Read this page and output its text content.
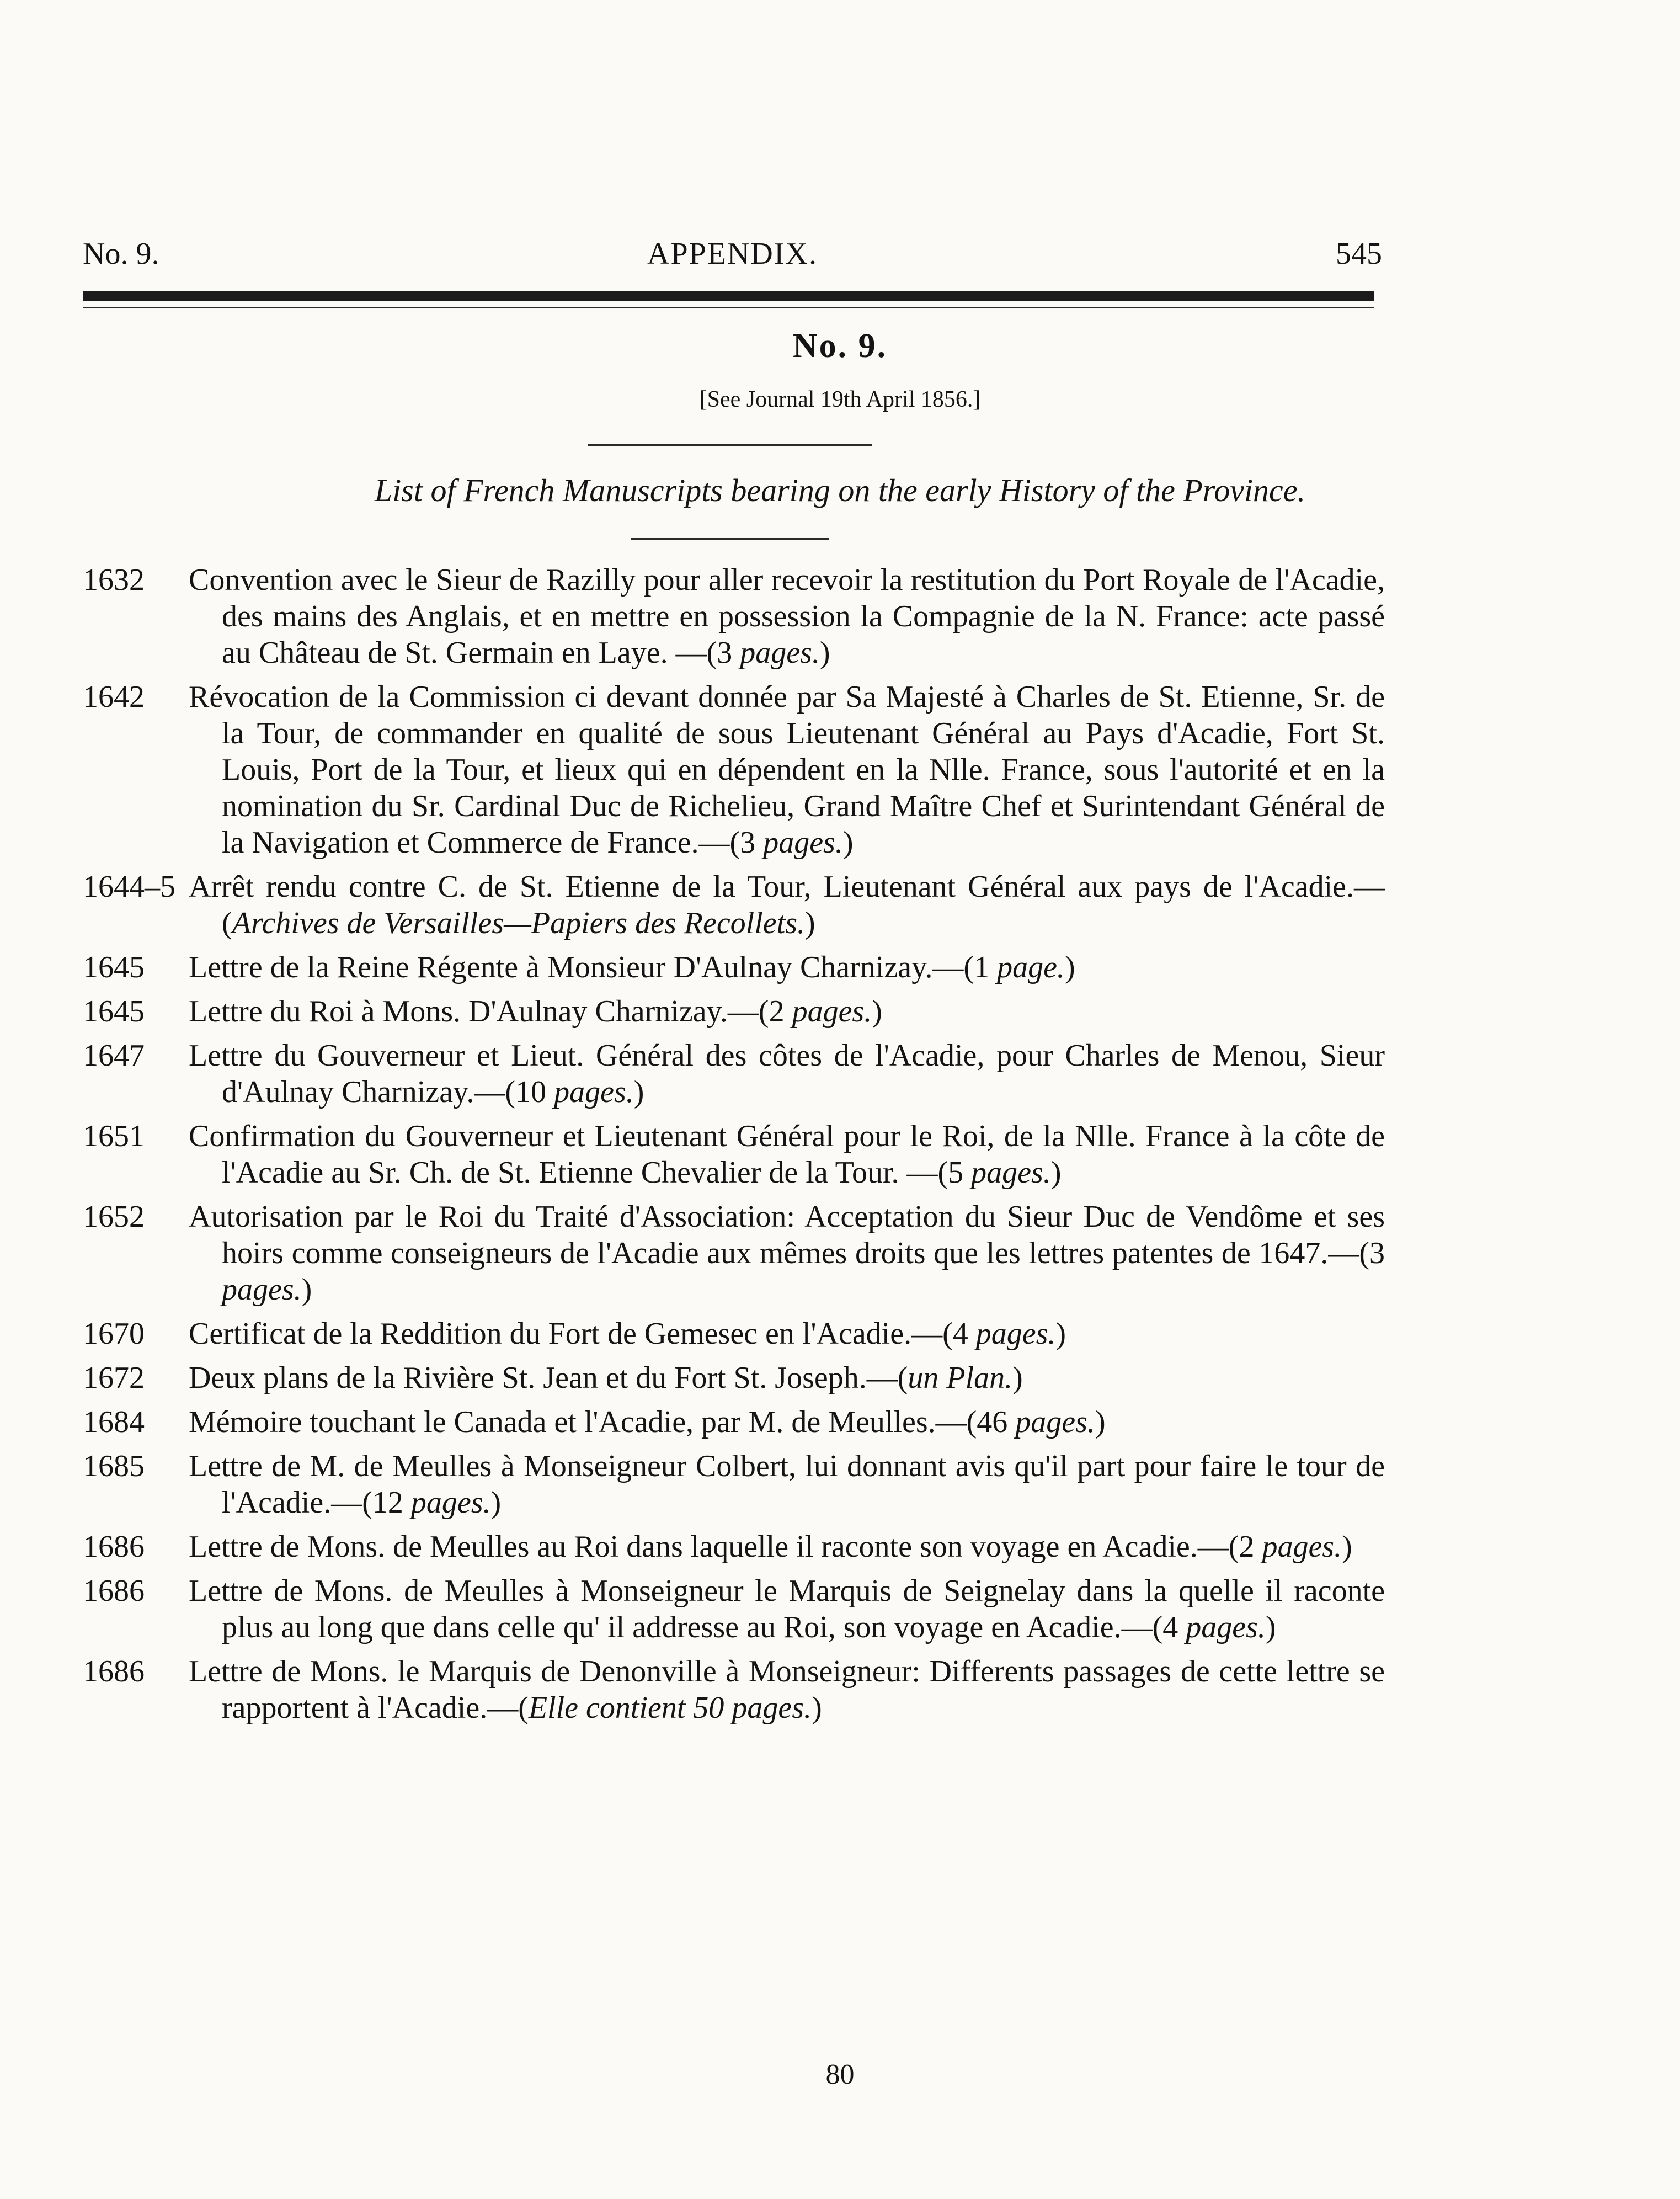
No. 9.	APPENDIX.	545
No. 9.
[See Journal 19th April 1856.]
List of French Manuscripts bearing on the early History of the Province.
1632 Convention avec le Sieur de Razilly pour aller recevoir la restitution du Port Royale de l'Acadie, des mains des Anglais, et en mettre en possession la Compagnie de la N. France: acte passé au Château de St. Germain en Laye. —(3 pages.)
1642 Révocation de la Commission ci devant donnée par Sa Majesté à Charles de St. Etienne, Sr. de la Tour, de commander en qualité de sous Lieutenant Général au Pays d'Acadie, Fort St. Louis, Port de la Tour, et lieux qui en dépendent en la Nlle. France, sous l'autorité et en la nomination du Sr. Cardinal Duc de Richelieu, Grand Maître Chef et Surintendant Général de la Navigation et Commerce de France.—(3 pages.)
1644–5 Arrêt rendu contre C. de St. Etienne de la Tour, Lieutenant Général aux pays de l'Acadie.—(Archives de Versailles—Papiers des Recollets.)
1645 Lettre de la Reine Régente à Monsieur D'Aulnay Charnizay.—(1 page.)
1645 Lettre du Roi à Mons. D'Aulnay Charnizay.—(2 pages.)
1647 Lettre du Gouverneur et Lieut. Général des côtes de l'Acadie, pour Charles de Menou, Sieur d'Aulnay Charnizay.—(10 pages.)
1651 Confirmation du Gouverneur et Lieutenant Général pour le Roi, de la Nlle. France à la côte de l'Acadie au Sr. Ch. de St. Etienne Chevalier de la Tour. —(5 pages.)
1652 Autorisation par le Roi du Traité d'Association: Acceptation du Sieur Duc de Vendôme et ses hoirs comme conseigneurs de l'Acadie aux mêmes droits que les lettres patentes de 1647.—(3 pages.)
1670 Certificat de la Reddition du Fort de Gemesec en l'Acadie.—(4 pages.)
1672 Deux plans de la Rivière St. Jean et du Fort St. Joseph.—(un Plan.)
1684 Mémoire touchant le Canada et l'Acadie, par M. de Meulles.—(46 pages.)
1685 Lettre de M. de Meulles à Monseigneur Colbert, lui donnant avis qu'il part pour faire le tour de l'Acadie.—(12 pages.)
1686 Lettre de Mons. de Meulles au Roi dans laquelle il raconte son voyage en Acadie.—(2 pages.)
1686 Lettre de Mons. de Meulles à Monseigneur le Marquis de Seignelay dans la quelle il raconte plus au long que dans celle qu' il addresse au Roi, son voyage en Acadie.—(4 pages.)
1686 Lettre de Mons. le Marquis de Denonville à Monseigneur: Differents passages de cette lettre se rapportent à l'Acadie.—(Elle contient 50 pages.)
80
